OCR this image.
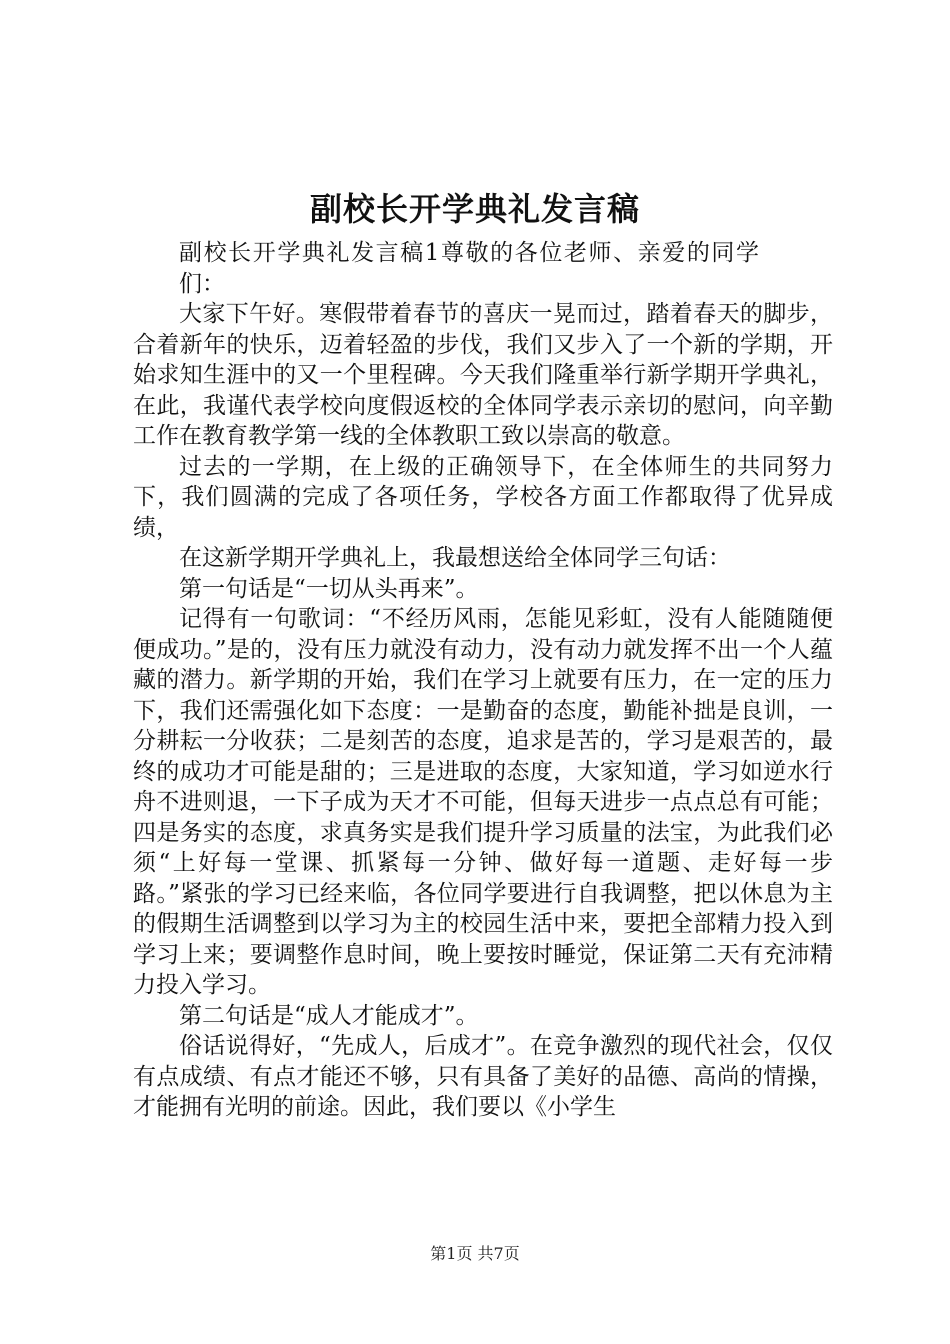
副校长开学典礼发言稿

副校长开学典礼发言稿1尊敬的各位老师、亲爱的同学们：

大家下午好。寒假带着春节的喜庆一晃而过，踏着春天的脚步，合着新年的快乐，迈着轻盈的步伐，我们又步入了一个新的学期，开始求知生涯中的又一个里程碑。今天我们隆重举行新学期开学典礼，在此，我谨代表学校向度假返校的全体同学表示亲切的慰问，向辛勤工作在教育教学第一线的全体教职工致以崇高的敬意。

过去的一学期，在上级的正确领导下，在全体师生的共同努力下，我们圆满的完成了各项任务，学校各方面工作都取得了优异成绩，

在这新学期开学典礼上，我最想送给全体同学三句话：

第一句话是“一切从头再来”。

记得有一句歌词：“不经历风雨，怎能见彩虹，没有人能随随便便成功。”是的，没有压力就没有动力，没有动力就发挥不出一个人蕴藏的潜力。新学期的开始，我们在学习上就要有压力，在一定的压力下，我们还需强化如下态度：一是勤奋的态度，勤能补拙是良训，一分耕耘一分收获；二是刻苦的态度，追求是苦的，学习是艰苦的，最终的成功才可能是甜的；三是进取的态度，大家知道，学习如逆水行舟不进则退，一下子成为天才不可能，但每天进步一点点总有可能；四是务实的态度，求真务实是我们提升学习质量的法宝，为此我们必须“上好每一堂课、抓紧每一分钟、做好每一道题、走好每一步路。”紧张的学习已经来临，各位同学要进行自我调整，把以休息为主的假期生活调整到以学习为主的校园生活中来，要把全部精力投入到学习上来；要调整作息时间，晚上要按时睡觉，保证第二天有充沛精力投入学习。

第二句话是“成人才能成才”。

俗话说得好，“先成人，后成才”。在竞争激烈的现代社会，仅仅有点成绩、有点才能还不够，只有具备了美好的品德、高尚的情操，才能拥有光明的前途。因此，我们要以《小学生

第1页 共7页
